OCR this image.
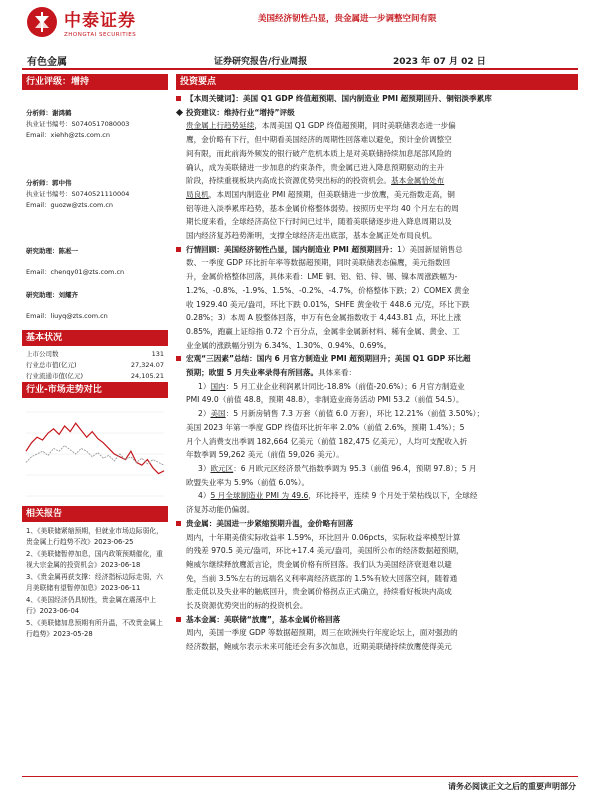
中泰证券
ZHONGTAI SECURITIES
美国经济韧性凸显，贵金属进一步调整空间有限
有色金属	证券研究报告/行业周报	2023 年 07 月 02 日
行业评级：增持
分析师：谢鸿鹤
执业证书编号：S0740517080003
Email：xiehh@zts.com.cn
分析师：郭中伟
执业证书编号：S0740521110004
Email：guozw@zts.com.cn
研究助理：陈凇一
Email：chenqy01@zts.com.cn
研究助理：刘耀齐
Email：liuyq@zts.com.cn
基本状况
上市公司数	131
行业总市值(亿元)	27,324.07
行业流通市值(亿元)	24,105.21
行业-市场走势对比
相关报告
1、《美联储紧缩预期，但就业市场边际弱化，贵金属上行趋势不改》2023-06-25
2、《美联储暂停加息，国内政策预期催化，重视大宗金属的投资机会》2023-06-18
3、《贵金属再获支撑：经济指标边际走弱，六月美联储有望暂停加息》2023-06-11
4、《美国经济仍具韧性，贵金属在震荡中上行》2023-06-04
5、《美联储加息预期有所升温，不改贵金属上行趋势》2023-05-28
投资要点
【本周关键词】：美国 Q1 GDP 终值超预期、国内制造业 PMI 超预期回升、铜铝淡季累库
投资建议：维持行业“增持”评级
贵金属上行趋势延续，本周美国 Q1 GDP 终值超预期，同时美联储表态进一步偏
鹰，金价略有下行，但中期看美国经济的周期性回落难以避免，预计金价调整空
间有限，而此前海外频发的银行破产危机本质上是对美联储持续加息尾部风险的
确认，成为美联储进一步加息的约束条件，贵金属已进入降息预期驱动的主升
阶段，持续重视板块内高成长资源优势突出标的的投资机会。基本金属恰处布
局良机，本周国内制造业 PMI 超预期，但美联储进一步放鹰，美元指数走高，铜
铝等进入淡季累库趋势，基本金属价格整体弱势。按照历史平均 40 个月左右的周
期长度来看，全球经济高位下行时间已过半，随着美联储逐步进入降息周期以及
国内经济复苏趋势渐明，支撑全球经济走出底部，基本金属正处布局良机。
行情回顾：美国经济韧性凸显，国内制造业 PMI 超预期回升：1）美国新屋销售总
数、一季度 GDP 环比折年率等数据超预期，同时美联储表态偏鹰，美元指数回
升，金属价格整体回落，具体来看：LME 铜、铝、铅、锌、锡、镍本周涨跌幅为-
1.2%、-0.8%、-1.9%、1.5%、-0.2%、-4.7%，价格整体下跌；2）COMEX 黄金
收 1929.40 美元/盎司，环比下跌 0.01%，SHFE 黄金收于 448.6 元/克，环比下跌
0.28%；3）本周 A 股整体回落，申万有色金属指数收于 4,443.81 点，环比上涨
0.85%，跑赢上证综指 0.72 个百分点，金属非金属新材料、稀有金属、黄金、工
业金属的涨跌幅分别为 6.34%、1.30%、0.94%、0.69%。
宏观“三因素”总结：国内 6 月官方制造业 PMI 超预期回升；美国 Q1 GDP 环比超
预期；欧盟 5 月失业率录得有所回落。具体来看：
1）国内：5 月工业企业利润累计同比-18.8%（前值-20.6%）；6 月官方制造业
PMI 49.0（前值 48.8，预期 48.8），非制造业商务活动 PMI 53.2（前值 54.5）。
2）美国：5 月新房销售 7.3 万套（前值 6.0 万套），环比 12.21%（前值 3.50%）；
美国 2023 年第一季度 GDP 终值环比折年率 2.0%（前值 2.6%，预期 1.4%）；5
月个人消费支出季调 182,664 亿美元（前值 182,475 亿美元），人均可支配收入折
年数季调 59,262 美元（前值 59,026 美元）。
3）欧元区：6 月欧元区经济景气指数季调为 95.3（前值 96.4，预期 97.8）；5 月
欧盟失业率为 5.9%（前值 6.0%）。
4）5 月全球制造业 PMI 为 49.6，环比持平，连续 9 个月处于荣枯线以下，全球经
济复苏动能仍偏弱。
贵金属：美国进一步紧缩预期升温，金价略有回落
周内，十年期美债实际收益率 1.59%，环比回升 0.06pcts，实际收益率模型计算
的残差 970.5 美元/盎司，环比+17.4 美元/盎司，美国所公布的经济数据超预期，
鲍威尔继续释放鹰派言论，贵金属价格有所回落。我们认为美国经济衰退难以避
免，当前 3.5%左右的远端名义利率离经济底部的 1.5%有较大回落空间，随着通
胀走低以及失业率的触底回升，贵金属价格拐点正式确立，持续看好板块内高成
长及资源优势突出的标的投资机会。
基本金属：美联储“放鹰”，基本金属价格回落
周内，美国一季度 GDP 等数据超预期，周三在欧洲央行年度论坛上，面对强劲的
经济数据，鲍威尔表示未来可能还会有多次加息，近期美联储持续放鹰使得美元
请务必阅读正文之后的重要声明部分
